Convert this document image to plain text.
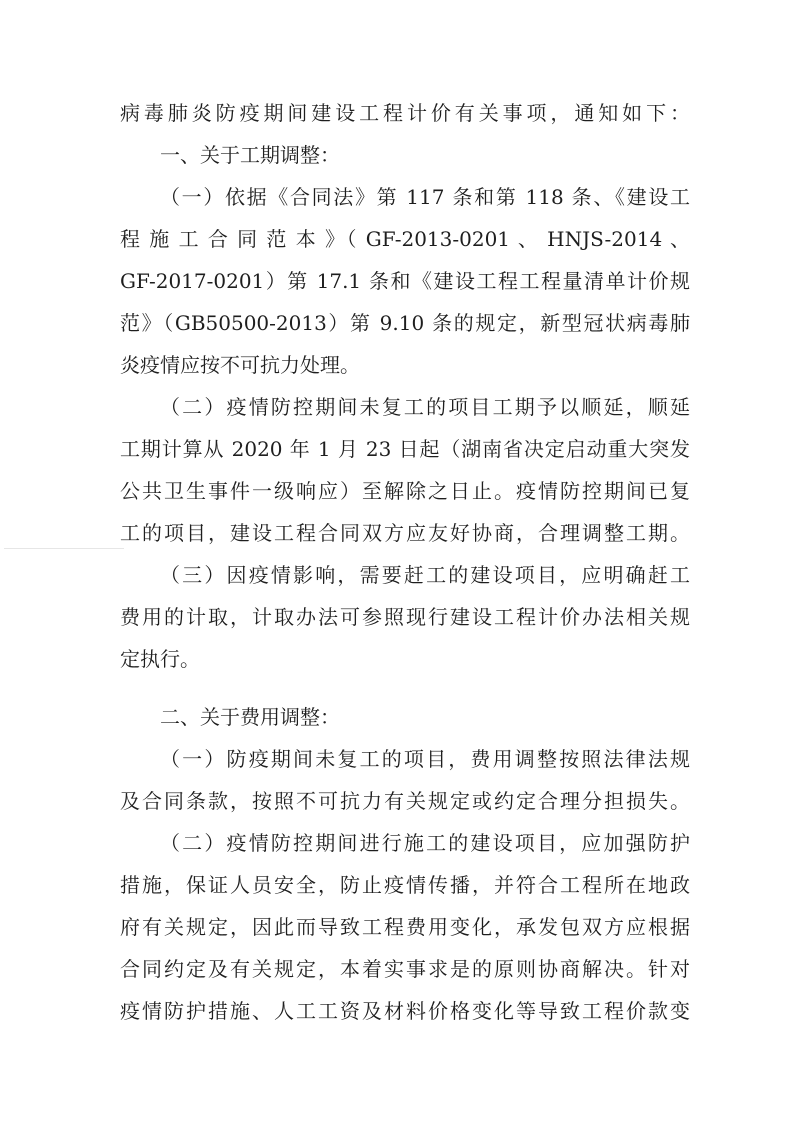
病毒肺炎防疫期间建设工程计价有关事项，通知如下：
一、关于工期调整：
（一）依据《合同法》第 117 条和第 118 条、《建设工
程 施 工 合 同 范 本 》（ GF-2013-0201 、 HNJS-2014 、
GF-2017-0201）第 17.1 条和《建设工程工程量清单计价规
范》（GB50500-2013）第 9.10 条的规定，新型冠状病毒肺
炎疫情应按不可抗力处理。
（二）疫情防控期间未复工的项目工期予以顺延，顺延
工期计算从 2020 年 1 月 23 日起（湖南省决定启动重大突发
公共卫生事件一级响应）至解除之日止。疫情防控期间已复
工的项目，建设工程合同双方应友好协商，合理调整工期。
（三）因疫情影响，需要赶工的建设项目，应明确赶工
费用的计取，计取办法可参照现行建设工程计价办法相关规
定执行。
二、关于费用调整：
（一）防疫期间未复工的项目，费用调整按照法律法规
及合同条款，按照不可抗力有关规定或约定合理分担损失。
（二）疫情防控期间进行施工的建设项目，应加强防护
措施，保证人员安全，防止疫情传播，并符合工程所在地政
府有关规定，因此而导致工程费用变化，承发包双方应根据
合同约定及有关规定，本着实事求是的原则协商解决。针对
疫情防护措施、人工工资及材料价格变化等导致工程价款变
